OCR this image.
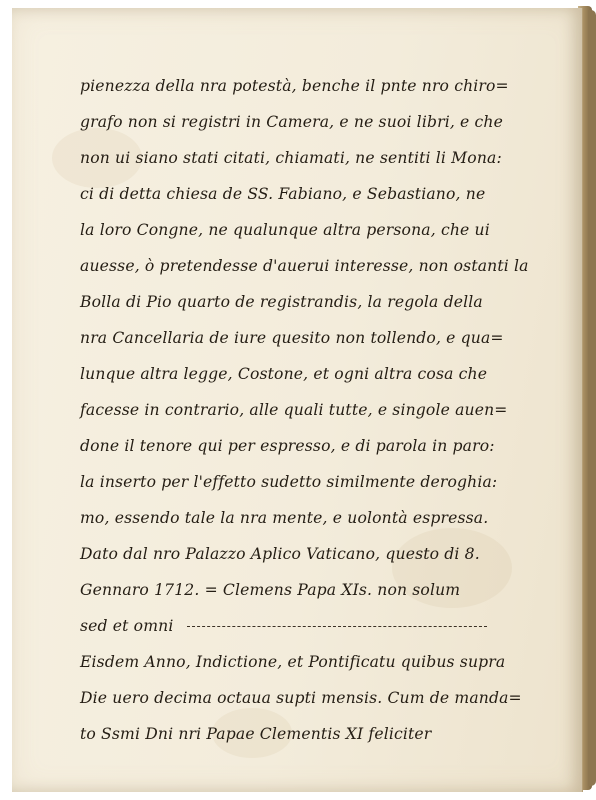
pienezza della nra potestà, benche il pnte nro chiro=
grafo non si registri in Camera, e ne suoi libri, e che
non ui siano stati citati, chiamati, ne sentiti li Mona:
ci di detta chiesa de SS. Fabiano, e Sebastiano, ne
la loro Congne, ne qualunque altra persona, che ui
auesse, ò pretendesse d'auerui interesse, non ostanti la
Bolla di Pio quarto de registrandis, la regola della
nra Cancellaria de iure quesito non tollendo, e qua=
lunque altra legge, Costone, et ogni altra cosa che
facesse in contrario, alle quali tutte, e singole auen=
done il tenore qui per espresso, e di parola in paro:
la inserto per l'effetto sudetto similmente deroghia:
mo, essendo tale la nra mente, e uolontà espressa.
Dato dal nro Palazzo Aplico Vaticano, questo di 8.
Gennaro 1712. = Clemens Papa XIs. non solum
sed et omni
Eisdem Anno, Indictione, et Pontificatu quibus supra
Die uero decima octaua supti mensis. Cum de manda=
to Ssmi Dni nri Papae Clementis XI feliciter
